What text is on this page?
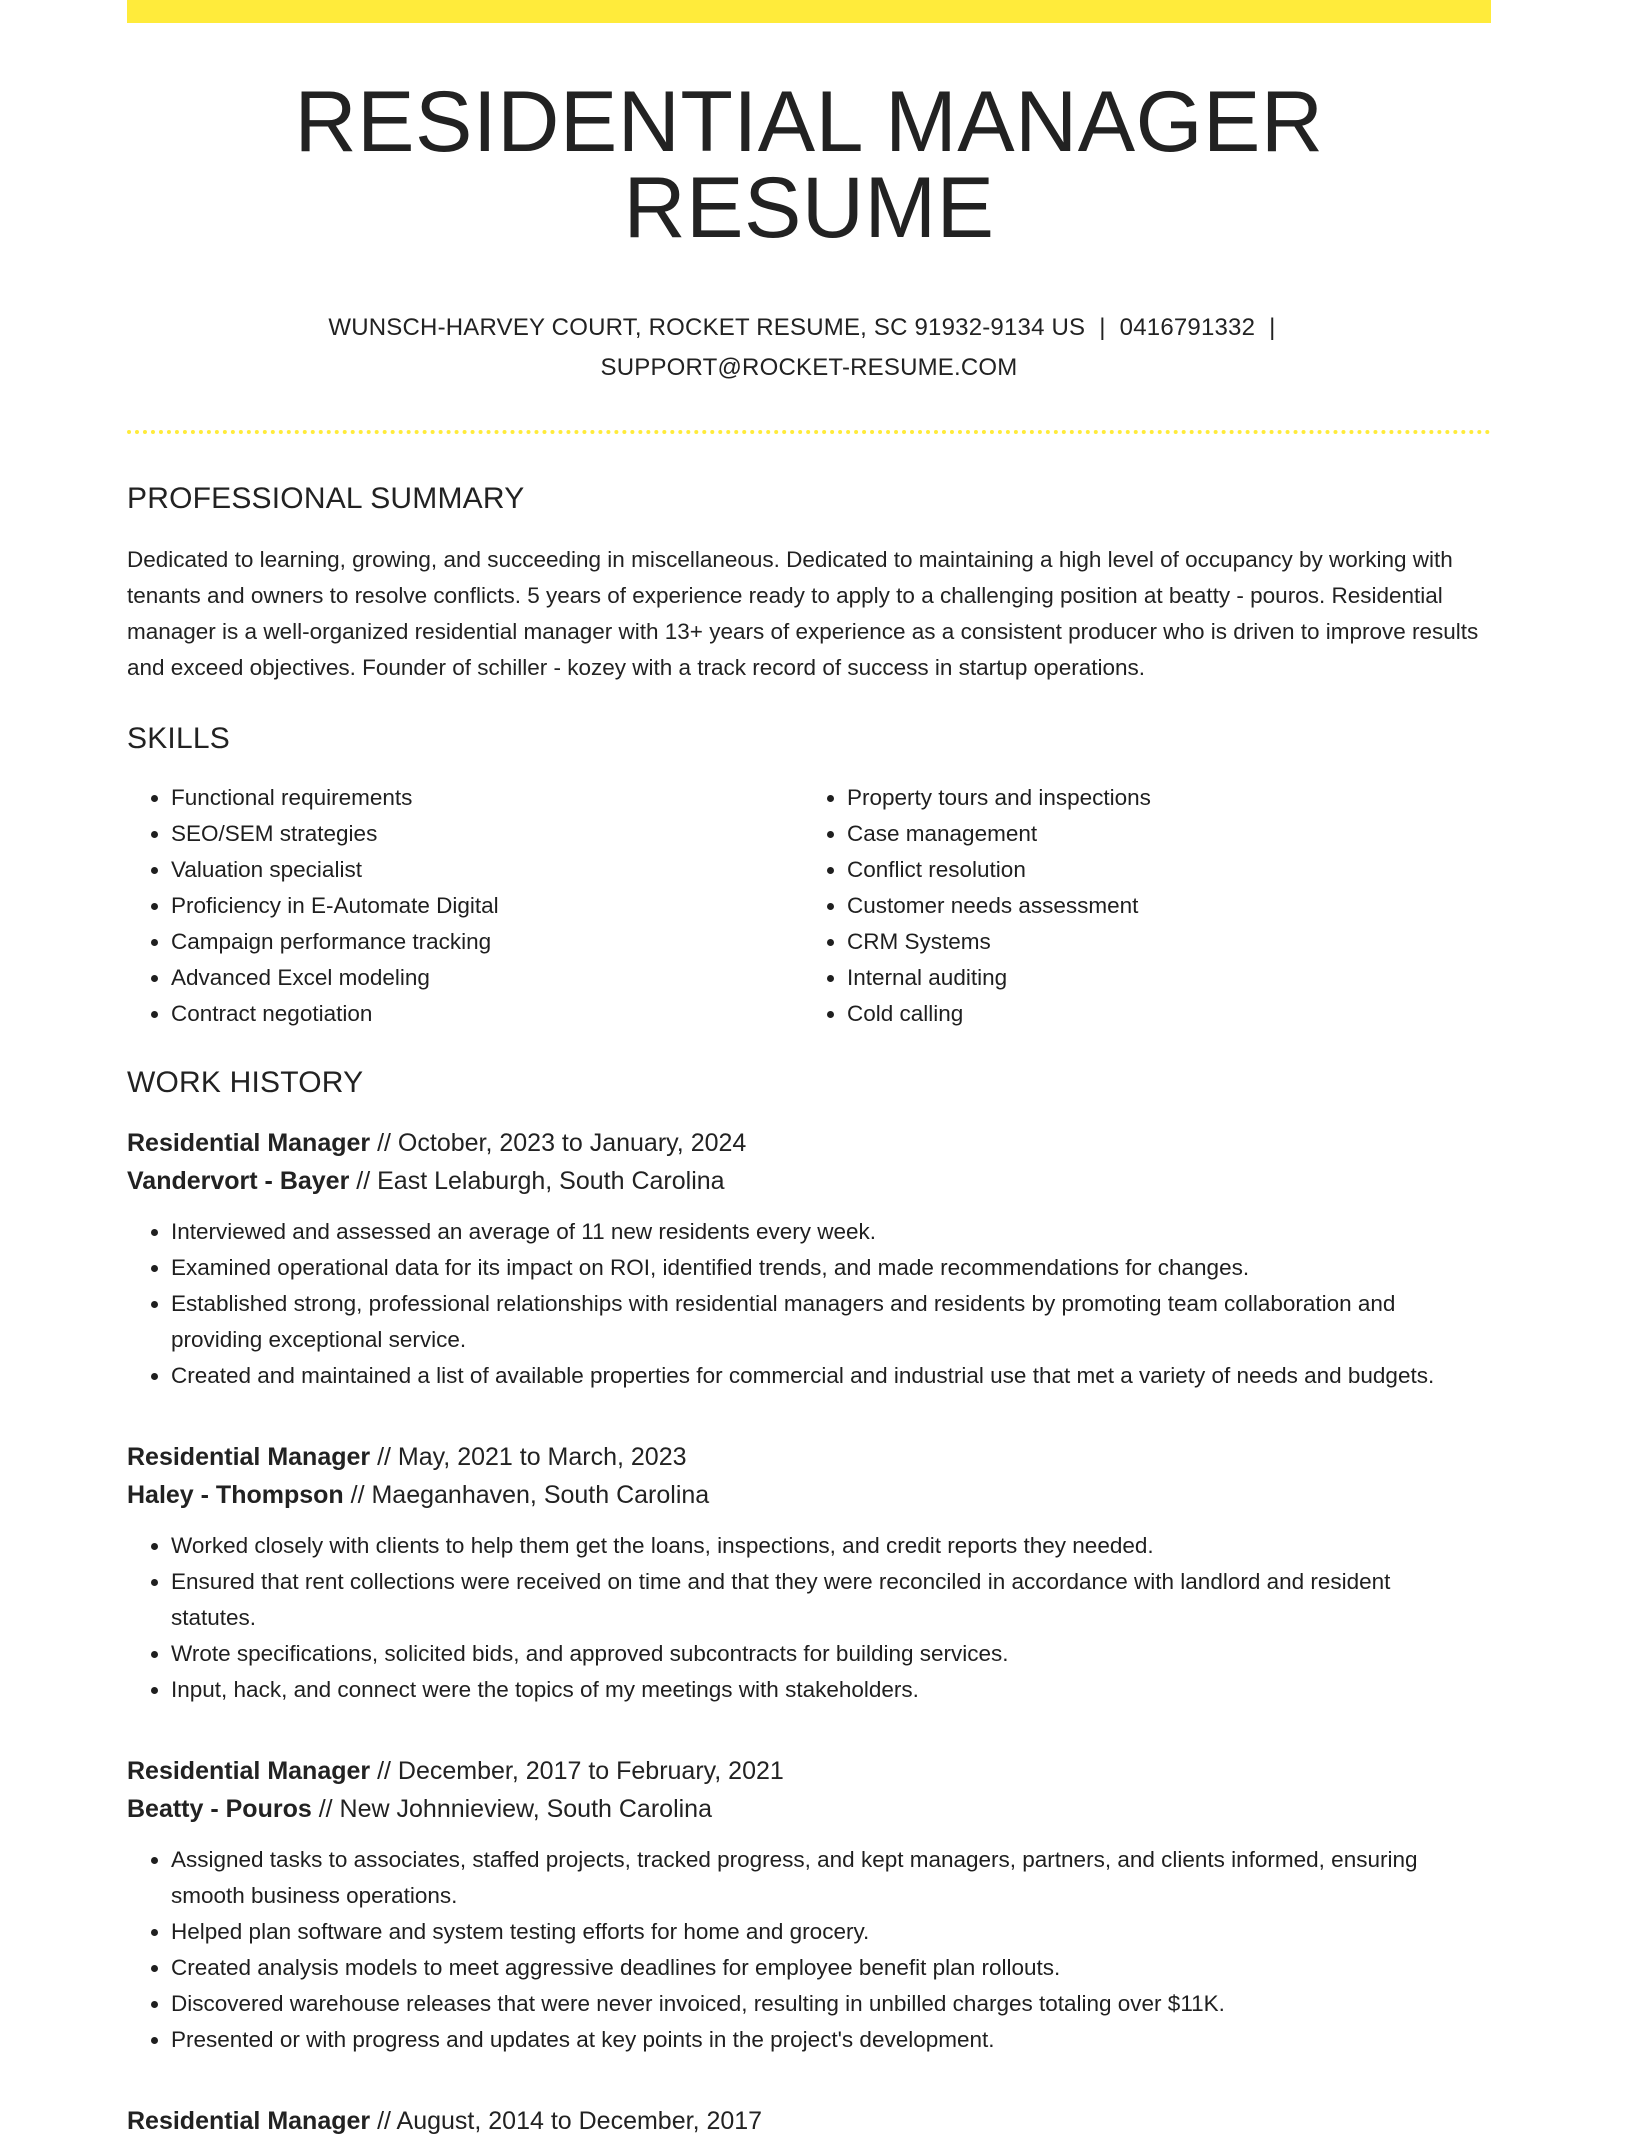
RESIDENTIAL MANAGER RESUME
WUNSCH-HARVEY COURT, ROCKET RESUME, SC 91932-9134 US | 0416791332 |
SUPPORT@ROCKET-RESUME.COM
PROFESSIONAL SUMMARY

Dedicated to learning, growing, and succeeding in miscellaneous. Dedicated to maintaining a high level of occupancy by working with tenants and owners to resolve conflicts. 5 years of experience ready to apply to a challenging position at beatty - pouros. Residential manager is a well-organized residential manager with 13+ years of experience as a consistent producer who is driven to improve results and exceed objectives. Founder of schiller - kozey with a track record of success in startup operations.

SKILLS
• Functional requirements
• SEO/SEM strategies
• Valuation specialist
• Proficiency in E-Automate Digital
• Campaign performance tracking
• Advanced Excel modeling
• Contract negotiation
• Property tours and inspections
• Case management
• Conflict resolution
• Customer needs assessment
• CRM Systems
• Internal auditing
• Cold calling
WORK HISTORY
Residential Manager // October, 2023 to January, 2024
Vandervort - Bayer // East Lelaburgh, South Carolina
• Interviewed and assessed an average of 11 new residents every week.
• Examined operational data for its impact on ROI, identified trends, and made recommendations for changes.
• Established strong, professional relationships with residential managers and residents by promoting team collaboration and providing exceptional service.
• Created and maintained a list of available properties for commercial and industrial use that met a variety of needs and budgets.
Residential Manager // May, 2021 to March, 2023
Haley - Thompson // Maeganhaven, South Carolina
• Worked closely with clients to help them get the loans, inspections, and credit reports they needed.
• Ensured that rent collections were received on time and that they were reconciled in accordance with landlord and resident statutes.
• Wrote specifications, solicited bids, and approved subcontracts for building services.
• Input, hack, and connect were the topics of my meetings with stakeholders.
Residential Manager // December, 2017 to February, 2021
Beatty - Pouros // New Johnnieview, South Carolina
• Assigned tasks to associates, staffed projects, tracked progress, and kept managers, partners, and clients informed, ensuring smooth business operations.
• Helped plan software and system testing efforts for home and grocery.
• Created analysis models to meet aggressive deadlines for employee benefit plan rollouts.
• Discovered warehouse releases that were never invoiced, resulting in unbilled charges totaling over $11K.
• Presented or with progress and updates at key points in the project's development.
Residential Manager // August, 2014 to December, 2017
